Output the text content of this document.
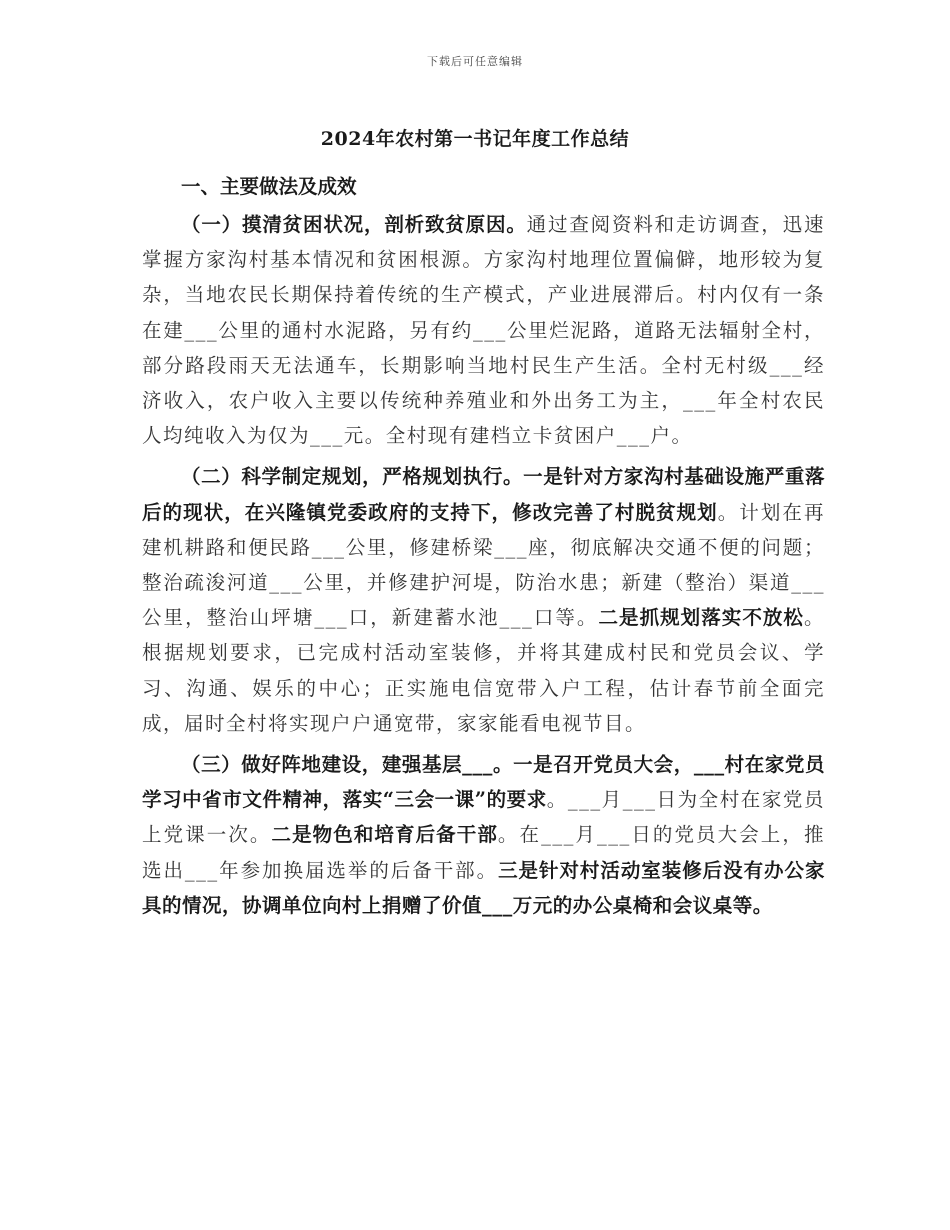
下载后可任意编辑
2024年农村第一书记年度工作总结
一、主要做法及成效

（一）摸清贫困状况，剖析致贫原因。通过查阅资料和走访调查，迅速掌握方家沟村基本情况和贫困根源。方家沟村地理位置偏僻，地形较为复杂，当地农民长期保持着传统的生产模式，产业进展滞后。村内仅有一条在建___公里的通村水泥路，另有约___公里烂泥路，道路无法辐射全村，部分路段雨天无法通车，长期影响当地村民生产生活。全村无村级___经济收入，农户收入主要以传统种养殖业和外出务工为主，___年全村农民人均纯收入为仅为___元。全村现有建档立卡贫困户___户。

（二）科学制定规划，严格规划执行。一是针对方家沟村基础设施严重落后的现状，在兴隆镇党委政府的支持下，修改完善了村脱贫规划。计划在再建机耕路和便民路___公里，修建桥梁___座，彻底解决交通不便的问题；整治疏浚河道___公里，并修建护河堤，防治水患；新建（整治）渠道___公里，整治山坪塘___口，新建蓄水池___口等。二是抓规划落实不放松。根据规划要求，已完成村活动室装修，并将其建成村民和党员会议、学习、沟通、娱乐的中心；正实施电信宽带入户工程，估计春节前全面完成，届时全村将实现户户通宽带，家家能看电视节目。

（三）做好阵地建设，建强基层___。一是召开党员大会，___村在家党员学习中省市文件精神，落实“三会一课”的要求。___月___日为全村在家党员上党课一次。二是物色和培育后备干部。在___月___日的党员大会上，推选出___年参加换届选举的后备干部。三是针对村活动室装修后没有办公家具的情况，协调单位向村上捐赠了价值___万元的办公桌椅和会议桌等。
